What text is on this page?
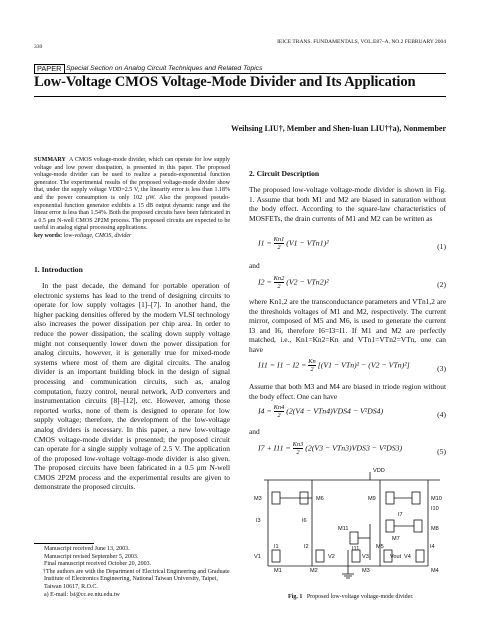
330
IEICE TRANS. FUNDAMENTALS, VOL.E87–A, NO.2 FEBRUARY 2004
PAPER Special Section on Analog Circuit Techniques and Related Topics
Low-Voltage CMOS Voltage-Mode Divider and Its Application
Weihsing LIU†, Member and Shen-Iuan LIU††a), Nonmember
SUMMARY A CMOS voltage-mode divider, which can operate for low supply voltage and low power dissipation, is presented in this paper. The proposed voltage-mode divider can be used to realize a pseudo-exponential function generator. The experimental results of the proposed voltage-mode divider show that, under the supply voltage VDD=2.5 V, the linearity error is less than 1.18% and the power consumption is only 102 μW. Also the proposed pseudo-exponential function generator exhibits a 15 dB output dynamic range and the linear error is less than 1.54%. Both the proposed circuits have been fabricated in a 0.5 μm N-well CMOS 2P2M process. The proposed circuits are expected to be useful in analog signal processing applications.
key words: low-voltage, CMOS, divider
1. Introduction
In the past decade, the demand for portable operation of electronic systems has lead to the trend of designing circuits to operate for low supply voltages [1]–[7]. In another hand, the higher packing densities offered by the modern VLSI technology also increases the power dissipation per chip area. In order to reduce the power dissipation, the scaling down supply voltage might not consequently lower down the power dissipation for analog circuits, however, it is generally true for mixed-mode systems where most of them are digital circuits. The analog divider is an important building block in the design of signal processing and communication circuits, such as, analog computation, fuzzy control, neural network, A/D converters and instrumentation circuits [8]–[12], etc. However, among those reported works, none of them is designed to operate for low supply voltage; therefore, the development of the low-voltage analog dividers is necessary. In this paper, a new low-voltage CMOS voltage-mode divider is presented; the proposed circuit can operate for a single supply voltage of 2.5 V. The application of the proposed low-voltage voltage-mode divider is also given. The proposed circuits have been fabricated in a 0.5 μm N-well CMOS 2P2M process and the experimental results are given to demonstrate the proposed circuits.
Manuscript received June 13, 2003.
Manuscript revised September 5, 2003.
Final manuscript received October 20, 2003.
†The authors are with the Department of Electrical Engineering and Graduate Institute of Electronics Engineering, National Taiwan University, Taipei, Taiwan 10617, R.O.C.
a) E-mail: lsi@cc.ee.ntu.edu.tw
2. Circuit Description
The proposed low-voltage voltage-mode divider is shown in Fig. 1. Assume that both M1 and M2 are biased in saturation without the body effect. According to the square-law characteristics of MOSFETs, the drain currents of M1 and M2 can be written as
$I1 = \frac{Kn1}{2} (V1 - VTn1)^2$	(1)
and
$I2 = \frac{Kn2}{2} (V2 - VTn2)^2$	(2)
where Kn1,2 are the transconductance parameters and VTn1,2 are the thresholds voltages of M1 and M2, respectively. The current mirror, composed of M5 and M6, is used to generate the current I3 and I6, therefore I6=I3=I1. If M1 and M2 are perfectly matched, i.e., Kn1=Kn2=Kn and VTn1=VTn2=VTn, one can have
$I11 = I1 - I2 = \frac{Kn}{2} [(V1 - VTn)^2 - (V2 - VTn)^2]$	(3)
Assume that both M3 and M4 are biased in triode region without the body effect. One can have
$I4 = \frac{Kn4}{2} (2(V4 - VTn4)VDS4 - V^2DS4)$	(4)
and
$I7 + I11 = \frac{Kn3}{2} (2(V3 - VTn3)VDS3 - V^2DS3)$	(5)
VDD
M3	M6	M9	M10
I10
I3	I6
I7
M7
M8
M11
M5
I11
I1	I2	I4
V1	V2	V3	Vout V4
M1	M2	M3	M4
Fig. 1 Proposed low-voltage voltage-mode divider.
